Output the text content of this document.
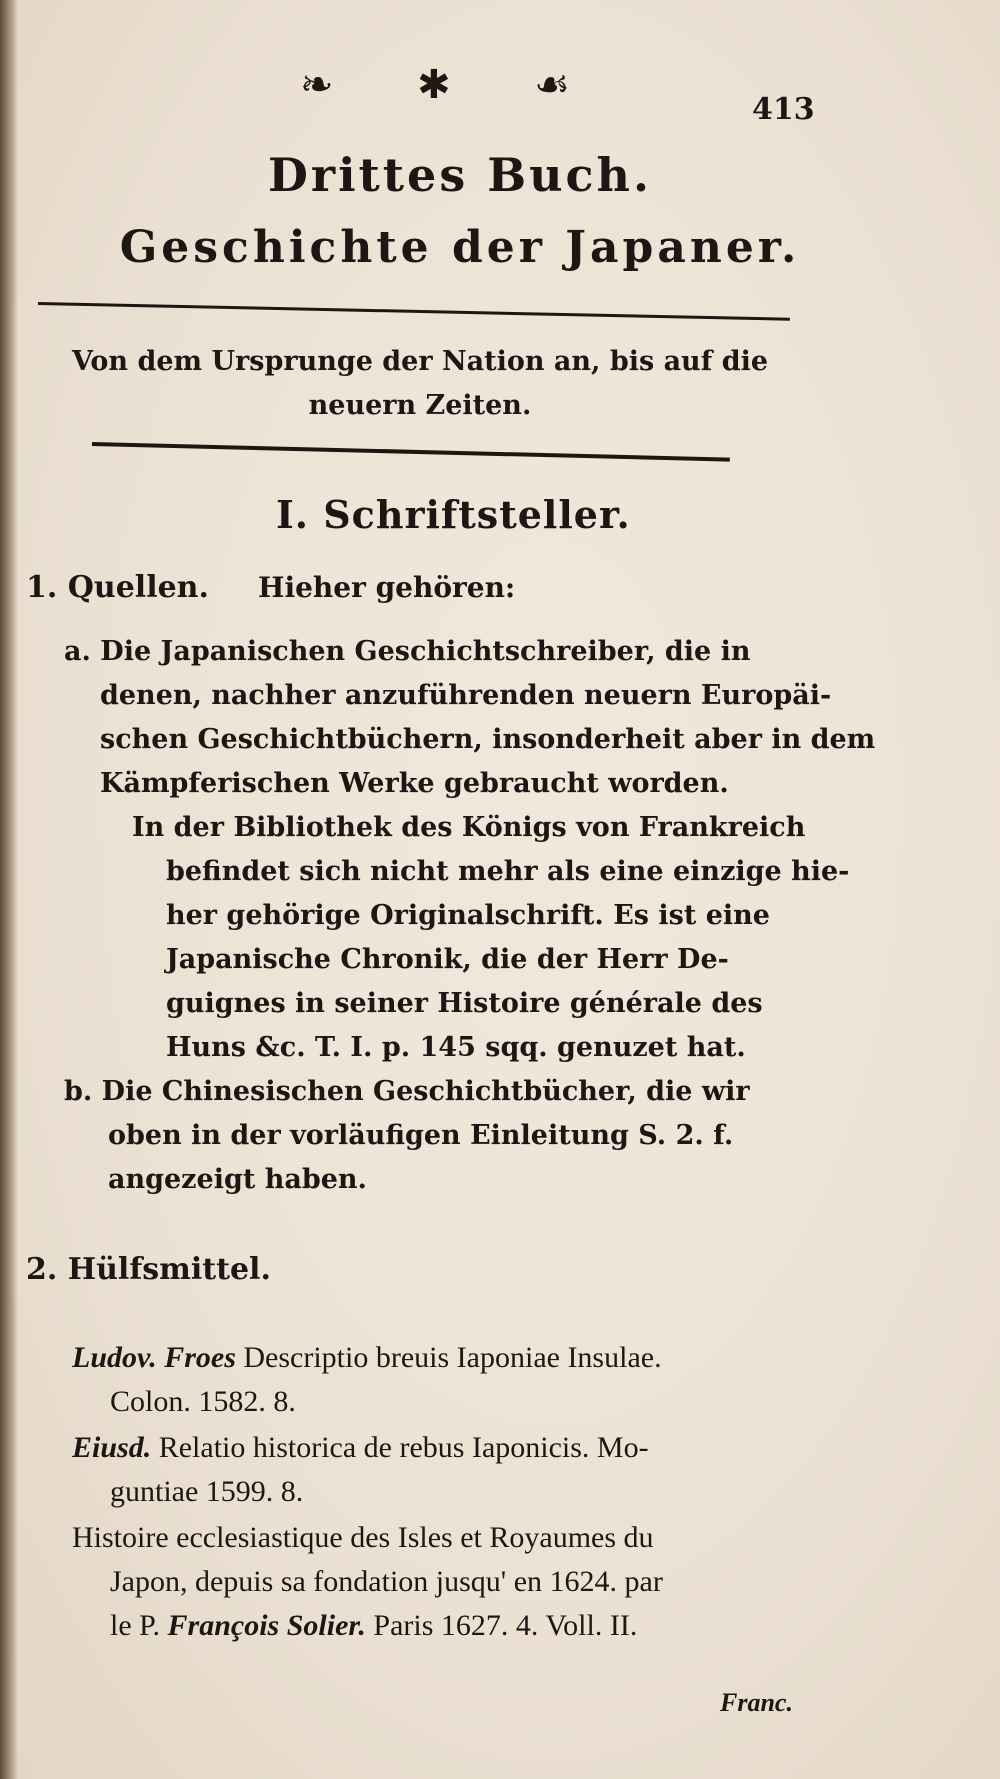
❧ ✱ ☙
413
Drittes Buch.
Geschichte der Japaner.
Von dem Ursprunge der Nation an, bis auf die
neuern Zeiten.
I. Schriftsteller.
1. Quellen. Hieher gehören:
a. Die Japanischen Geschichtschreiber, die in
denen, nachher anzuführenden neuern Europäi-
schen Geschichtbüchern, insonderheit aber in dem
Kämpferischen Werke gebraucht worden.
In der Bibliothek des Königs von Frankreich
befindet sich nicht mehr als eine einzige hie-
her gehörige Originalschrift. Es ist eine
Japanische Chronik, die der Herr De-
guignes in seiner Histoire générale des
Huns &c. T. I. p. 145 sqq. genuzet hat.
b. Die Chinesischen Geschichtbücher, die wir
oben in der vorläufigen Einleitung S. 2. f.
angezeigt haben.
2. Hülfsmittel.
Ludov. Froes Descriptio breuis Iaponiae Insulae.
Colon. 1582. 8.
Eiusd. Relatio historica de rebus Iaponicis. Mo-
guntiae 1599. 8.
Histoire ecclesiastique des Isles et Royaumes du
Japon, depuis sa fondation jusqu' en 1624. par
le P. François Solier. Paris 1627. 4. Voll. II.
Franc.
